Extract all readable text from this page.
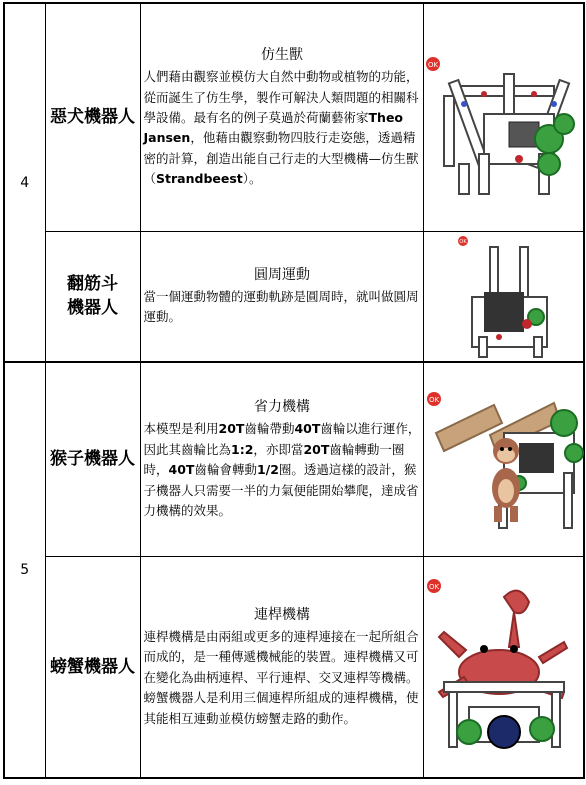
4	惡犬機器人	仿生獸
人們藉由觀察並模仿大自然中動物或植物的功能，從而誕生了仿生學，製作可解決人類問題的相關科學設備。最有名的例子莫過於荷蘭藝術家Theo Jansen，他藉由觀察動物四肢行走姿態，透過精密的計算，創造出能自己行走的大型機構—仿生獸（Strandbeest）。	OK

	翻筋斗
機器人	圓周運動
當一個運動物體的運動軌跡是圓周時，就叫做圓周運動。	OK

5	猴子機器人	省力機構
本模型是利用20T齒輪帶動40T齒輪以進行運作，因此其齒輪比為1:2，亦即當20T齒輪轉動一圈時，40T齒輪會轉動1/2圈。透過這樣的設計，猴子機器人只需要一半的力氣便能開始攀爬，達成省力機構的效果。	OK

	螃蟹機器人	連桿機構
連桿機構是由兩組或更多的連桿連接在一起所組合而成的，是一種傳遞機械能的裝置。連桿機構又可在變化為曲柄連桿、平行連桿、交叉連桿等機構。螃蟹機器人是利用三個連桿所組成的連桿機構，使其能相互連動並模仿螃蟹走路的動作。	OK
